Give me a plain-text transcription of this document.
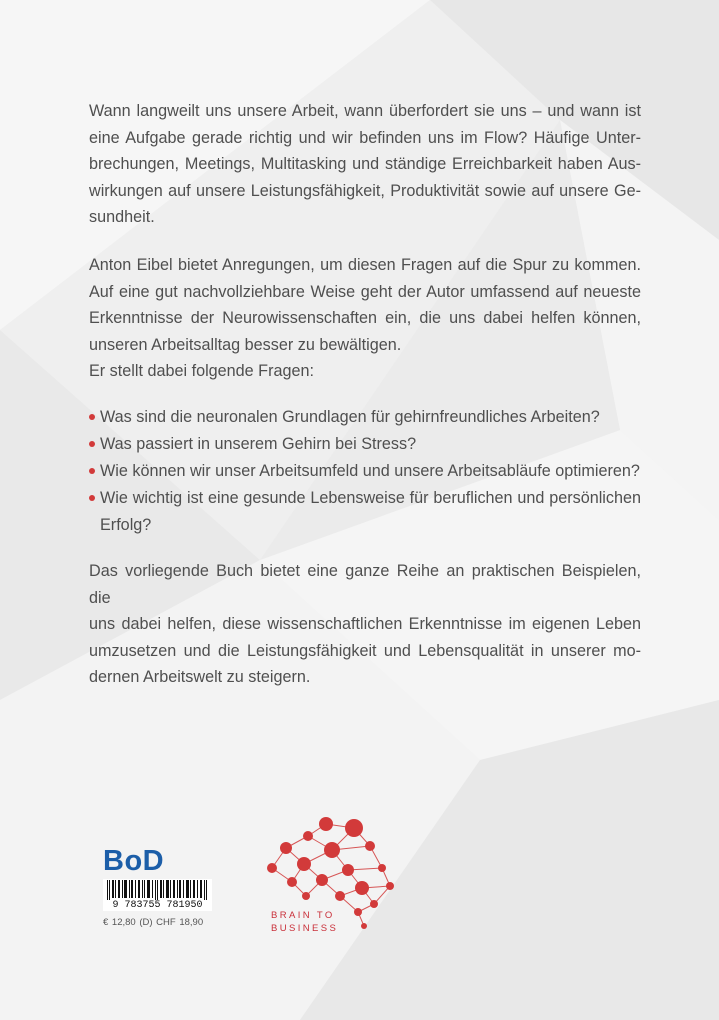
Wann langweilt uns unsere Arbeit, wann überfordert sie uns – und wann ist
eine Aufgabe gerade richtig und wir befinden uns im Flow? Häufige Unter-
brechungen, Meetings, Multitasking und ständige Erreichbarkeit haben Aus-
wirkungen auf unsere Leistungsfähigkeit, Produktivität sowie auf unsere Ge-
sundheit.
Anton Eibel bietet Anregungen, um diesen Fragen auf die Spur zu kommen.
Auf eine gut nachvollziehbare Weise geht der Autor umfassend auf neueste
Erkenntnisse der Neurowissenschaften ein, die uns dabei helfen können,
unseren Arbeitsalltag besser zu bewältigen.
Er stellt dabei folgende Fragen:
Was sind die neuronalen Grundlagen für gehirnfreundliches Arbeiten?
Was passiert in unserem Gehirn bei Stress?
Wie können wir unser Arbeitsumfeld und unsere Arbeitsabläufe optimieren?
Wie wichtig ist eine gesunde Lebensweise für beruflichen und persönlichen Erfolg?
Das vorliegende Buch bietet eine ganze Reihe an praktischen Beispielen, die
uns dabei helfen, diese wissenschaftlichen Erkenntnisse im eigenen Leben
umzusetzen und die Leistungsfähigkeit und Lebensqualität in unserer mo-
dernen Arbeitswelt zu steigern.
BoD
9 783755 781950
€ 12,80 (D) CHF 18,90
BRAIN TO
BUSINESS
